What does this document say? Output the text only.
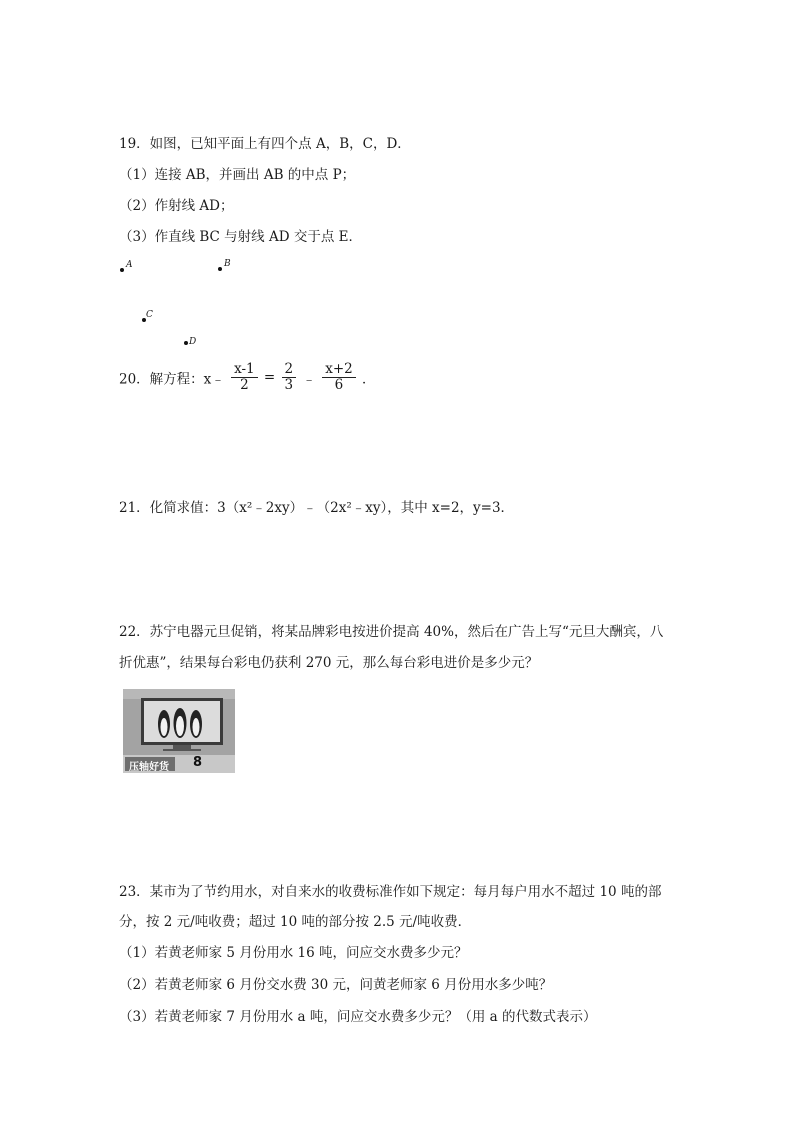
19．如图，已知平面上有四个点 A，B，C，D．
（1）连接 AB，并画出 AB 的中点 P；
（2）作射线 AD；
（3）作直线 BC 与射线 AD 交于点 E．
A	B
C
D
20．解方程：x﹣ $\frac{x-1}{2} = \frac{2}{3}$ ﹣ $\frac{x+2}{6}$ ．
21．化简求值：3（x²﹣2xy）﹣（2x²﹣xy），其中 x=2，y=3．
22．苏宁电器元旦促销，将某品牌彩电按进价提高 40%，然后在广告上写“元旦大酬宾，八
折优惠”，结果每台彩电仍获利 270 元，那么每台彩电进价是多少元？
压轴好货 8
23．某市为了节约用水，对自来水的收费标准作如下规定：每月每户用水不超过 10 吨的部
分，按 2 元/吨收费；超过 10 吨的部分按 2.5 元/吨收费．
（1）若黄老师家 5 月份用水 16 吨，问应交水费多少元？
（2）若黄老师家 6 月份交水费 30 元，问黄老师家 6 月份用水多少吨？
（3）若黄老师家 7 月份用水 a 吨，问应交水费多少元？（用 a 的代数式表示）
